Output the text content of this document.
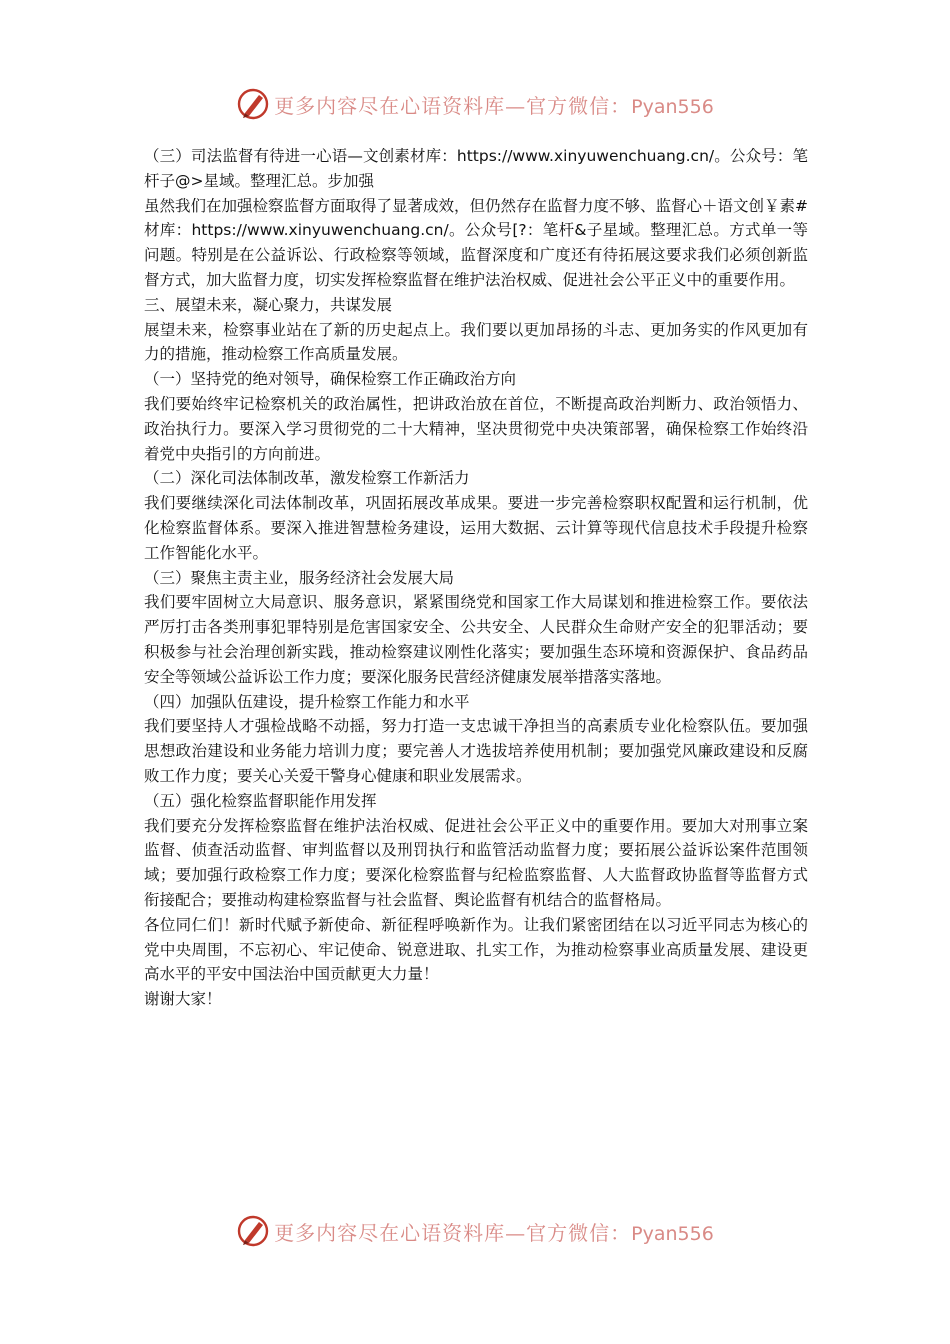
更多内容尽在心语资料库—官方微信：Pyan556

（三）司法监督有待进一心语—文创素材库：https://www.xinyuwenchuang.cn/。公众号：笔杆子@>星域。整理汇总。步加强

虽然我们在加强检察监督方面取得了显著成效，但仍然存在监督力度不够、监督心＋语文创￥素#材库：https://www.xinyuwenchuang.cn/。公众号[?：笔杆&子星域。整理汇总。方式单一等问题。特别是在公益诉讼、行政检察等领域，监督深度和广度还有待拓展这要求我们必须创新监督方式，加大监督力度，切实发挥检察监督在维护法治权威、促进社会公平正义中的重要作用。

三、展望未来，凝心聚力，共谋发展

展望未来，检察事业站在了新的历史起点上。我们要以更加昂扬的斗志、更加务实的作风更加有力的措施，推动检察工作高质量发展。

（一）坚持党的绝对领导，确保检察工作正确政治方向

我们要始终牢记检察机关的政治属性，把讲政治放在首位，不断提高政治判断力、政治领悟力、政治执行力。要深入学习贯彻党的二十大精神，坚决贯彻党中央决策部署，确保检察工作始终沿着党中央指引的方向前进。

（二）深化司法体制改革，激发检察工作新活力

我们要继续深化司法体制改革，巩固拓展改革成果。要进一步完善检察职权配置和运行机制，优化检察监督体系。要深入推进智慧检务建设，运用大数据、云计算等现代信息技术手段提升检察工作智能化水平。

（三）聚焦主责主业，服务经济社会发展大局

我们要牢固树立大局意识、服务意识，紧紧围绕党和国家工作大局谋划和推进检察工作。要依法严厉打击各类刑事犯罪特别是危害国家安全、公共安全、人民群众生命财产安全的犯罪活动；要积极参与社会治理创新实践，推动检察建议刚性化落实；要加强生态环境和资源保护、食品药品安全等领域公益诉讼工作力度；要深化服务民营经济健康发展举措落实落地。

（四）加强队伍建设，提升检察工作能力和水平

我们要坚持人才强检战略不动摇，努力打造一支忠诚干净担当的高素质专业化检察队伍。要加强思想政治建设和业务能力培训力度；要完善人才选拔培养使用机制；要加强党风廉政建设和反腐败工作力度；要关心关爱干警身心健康和职业发展需求。

（五）强化检察监督职能作用发挥

我们要充分发挥检察监督在维护法治权威、促进社会公平正义中的重要作用。要加大对刑事立案监督、侦查活动监督、审判监督以及刑罚执行和监管活动监督力度；要拓展公益诉讼案件范围领域；要加强行政检察工作力度；要深化检察监督与纪检监察监督、人大监督政协监督等监督方式衔接配合；要推动构建检察监督与社会监督、舆论监督有机结合的监督格局。

各位同仁们！新时代赋予新使命、新征程呼唤新作为。让我们紧密团结在以习近平同志为核心的党中央周围，不忘初心、牢记使命、锐意进取、扎实工作，为推动检察事业高质量发展、建设更高水平的平安中国法治中国贡献更大力量！

谢谢大家！

更多内容尽在心语资料库—官方微信：Pyan556
